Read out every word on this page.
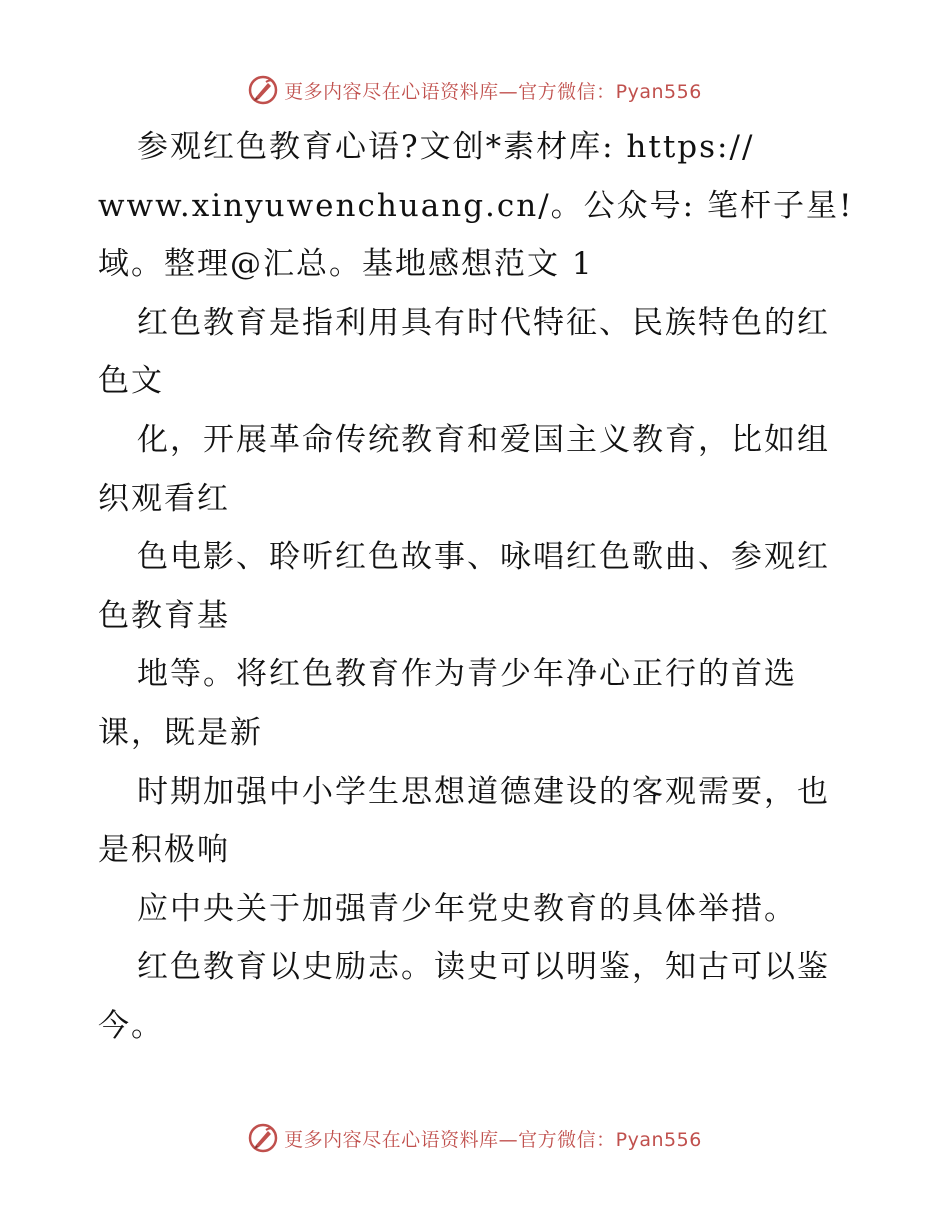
更多内容尽在心语资料库—官方微信：Pyan556
参观红色教育心语?文创*素材库: https://
www.xinyuwenchuang.cn/。公众号: 笔杆子星!
域。整理@汇总。基地感想范文 1
红色教育是指利用具有时代特征、民族特色的红
色文
化，开展革命传统教育和爱国主义教育，比如组
织观看红
色电影、聆听红色故事、咏唱红色歌曲、参观红
色教育基
地等。将红色教育作为青少年净心正行的首选
课，既是新
时期加强中小学生思想道德建设的客观需要，也
是积极响
应中央关于加强青少年党史教育的具体举措。
红色教育以史励志。读史可以明鉴，知古可以鉴
今。
更多内容尽在心语资料库—官方微信：Pyan556
